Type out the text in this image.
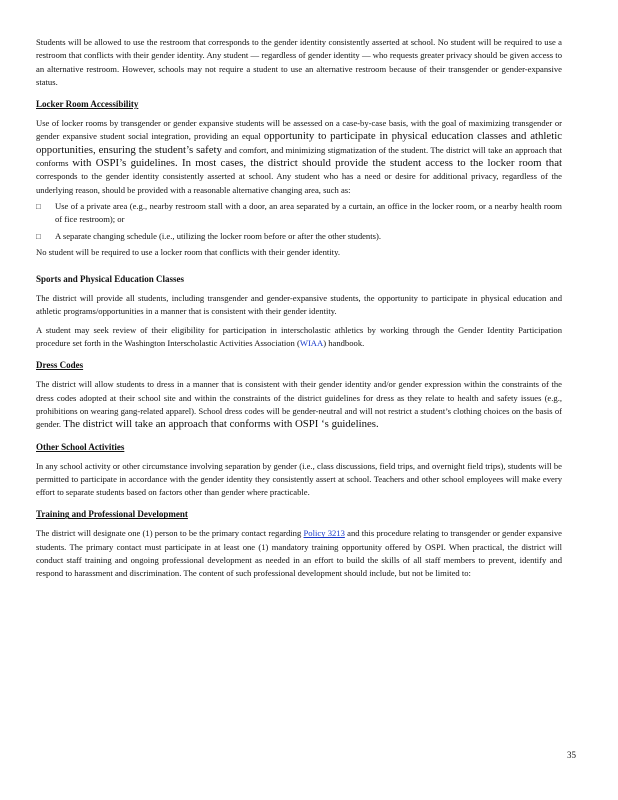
Students will be allowed to use the restroom that corresponds to the gender identity consistently asserted at school. No student will be required to use a restroom that conflicts with their gender identity. Any student — regardless of gender identity — who requests greater privacy should be given access to an alternative restroom. However, schools may not require a student to use an alternative restroom because of their transgender or gender-expansive status.

Locker Room Accessibility

Use of locker rooms by transgender or gender expansive students will be assessed on a case-by-case basis, with the goal of maximizing transgender or gender expansive student social integration, providing an equal opportunity to participate in physical education classes and athletic opportunities, ensuring the student’s safety and comfort, and minimizing stigmatization of the student. The district will take an approach that conforms with OSPI’s guidelines. In most cases, the district should provide the student access to the locker room that corresponds to the gender identity consistently asserted at school. Any student who has a need or desire for additional privacy, regardless of the underlying reason, should be provided with a reasonable alternative changing area, such as:

□ Use of a private area (e.g., nearby restroom stall with a door, an area separated by a curtain, an office in the locker room, or a nearby health room of fice restroom); or
□ A separate changing schedule (i.e., utilizing the locker room before or after the other students).

No student will be required to use a locker room that conflicts with their gender identity.

Sports and Physical Education Classes

The district will provide all students, including transgender and gender-expansive students, the opportunity to participate in physical education and athletic programs/opportunities in a manner that is consistent with their gender identity.

A student may seek review of their eligibility for participation in interscholastic athletics by working through the Gender Identity Participation procedure set forth in the Washington Interscholastic Activities Association (WIAA) handbook.

Dress Codes

The district will allow students to dress in a manner that is consistent with their gender identity and/or gender expression within the constraints of the dress codes adopted at their school site and within the constraints of the district guidelines for dress as they relate to health and safety issues (e.g., prohibitions on wearing gang-related apparel). School dress codes will be gender-neutral and will not restrict a student’s clothing choices on the basis of gender. The district will take an approach that conforms with OSPI ‘s guidelines.

Other School Activities

In any school activity or other circumstance involving separation by gender (i.e., class discussions, field trips, and overnight field trips), students will be permitted to participate in accordance with the gender identity they consistently assert at school. Teachers and other school employees will make every effort to separate students based on factors other than gender where practicable.

Training and Professional Development

The district will designate one (1) person to be the primary contact regarding Policy 3213 and this procedure relating to transgender or gender expansive students. The primary contact must participate in at least one (1) mandatory training opportunity offered by OSPI. When practical, the district will conduct staff training and ongoing professional development as needed in an effort to build the skills of all staff members to prevent, identify and respond to harassment and discrimination. The content of such professional development should include, but not be limited to:

35
